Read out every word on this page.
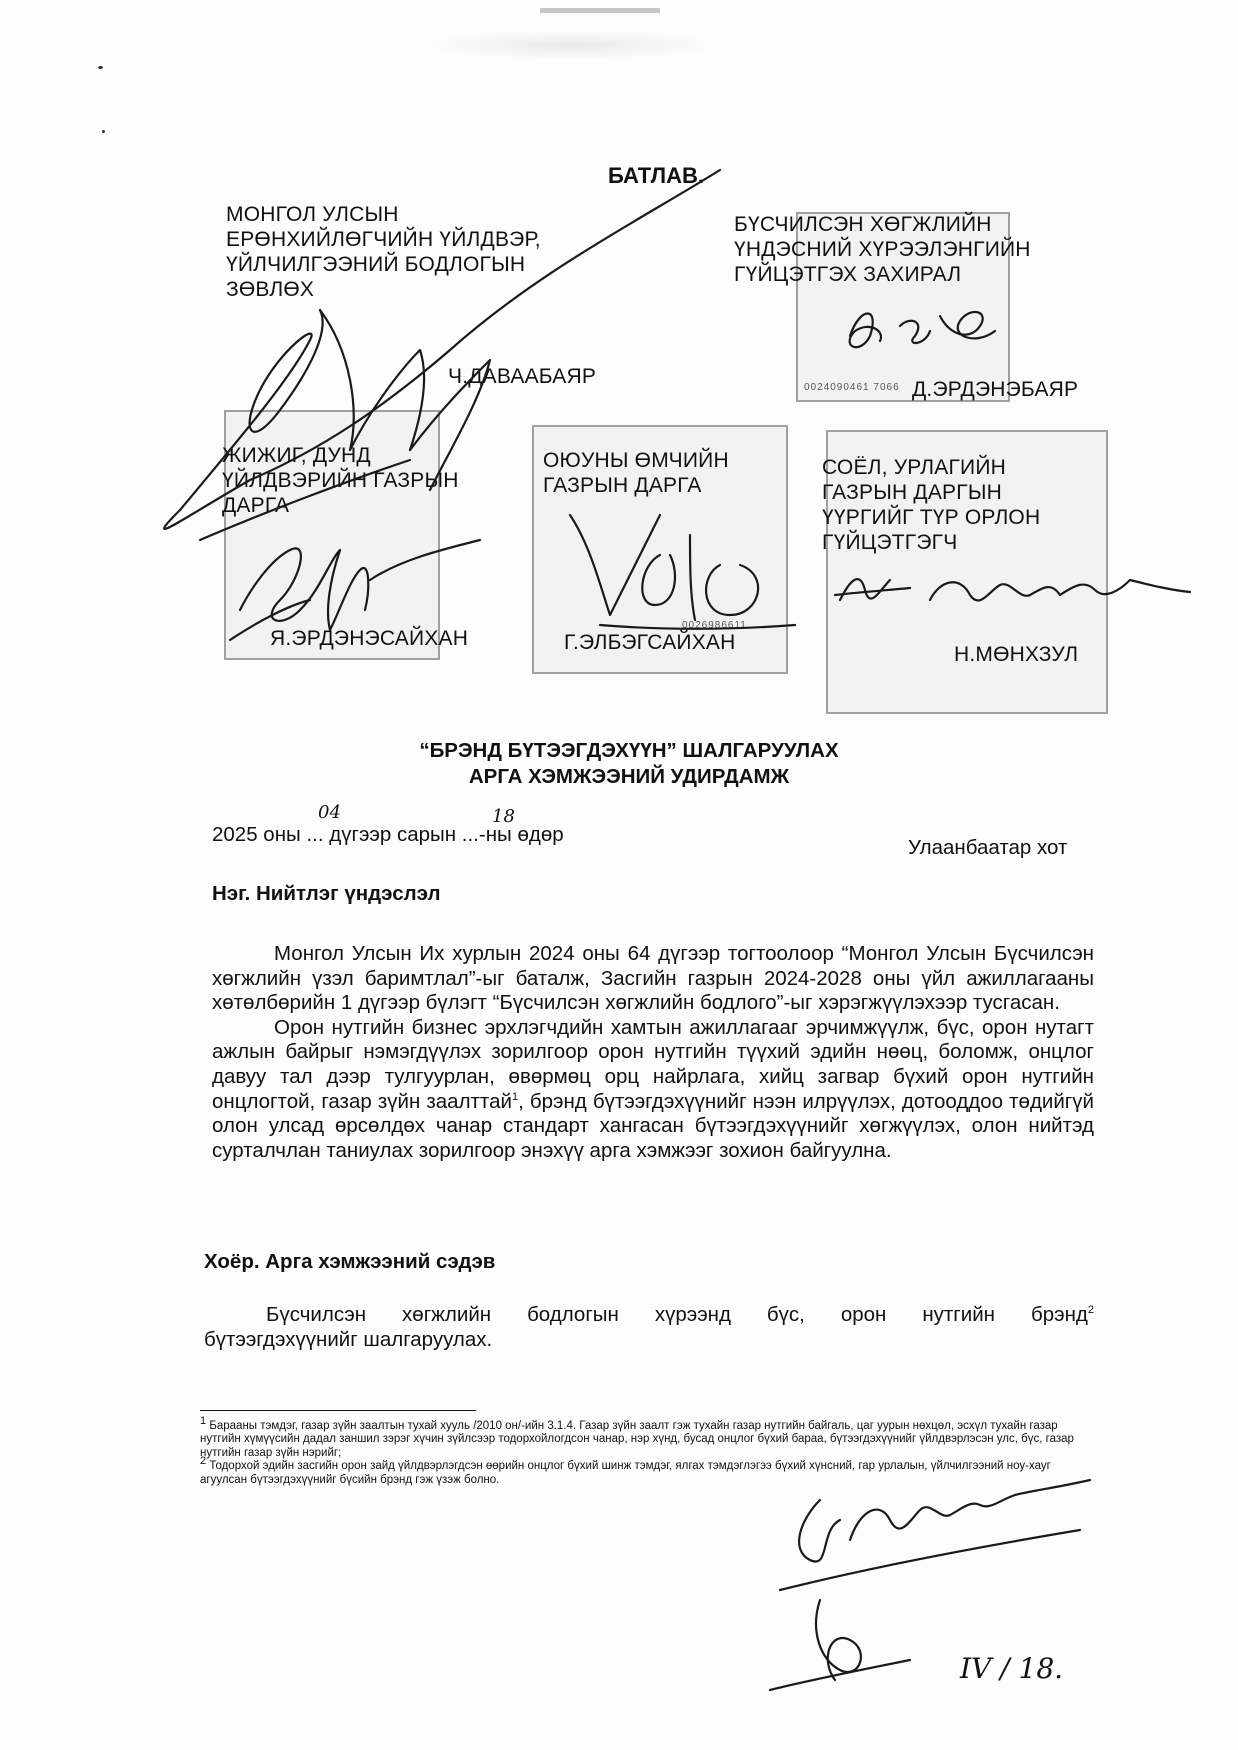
БАТЛАВ.
МОНГОЛ УЛСЫН
ЕРӨНХИЙЛӨГЧИЙН ҮЙЛДВЭР,
ҮЙЛЧИЛГЭЭНИЙ БОДЛОГЫН
ЗӨВЛӨХ
Ч.ДАВААБАЯР	0024090461 7066
БҮСЧИЛСЭН ХӨГЖЛИЙН
ҮНДЭСНИЙ ХҮРЭЭЛЭНГИЙН
ГҮЙЦЭТГЭХ ЗАХИРАЛ
Д.ЭРДЭНЭБАЯР
ЖИЖИГ, ДУНД
ҮЙЛДВЭРИЙН ГАЗРЫН
ДАРГА
Я.ЭРДЭНЭСАЙХАН
0026986611
ОЮУНЫ ӨМЧИЙН
ГАЗРЫН ДАРГА
Г.ЭЛБЭГСАЙХАН
СОЁЛ, УРЛАГИЙН
ГАЗРЫН ДАРГЫН
ҮҮРГИЙГ ТҮР ОРЛОН
ГҮЙЦЭТГЭГЧ
Н.МӨНХЗУЛ
“БРЭНД БҮТЭЭГДЭХҮҮН” ШАЛГАРУУЛАХ
АРГА ХЭМЖЭЭНИЙ УДИРДАМЖ
2025 оны ... дүгээр сарын ...-ны өдөр
04	18
Улаанбаатар хот
Нэг. Нийтлэг үндэслэл

Монгол Улсын Их хурлын 2024 оны 64 дүгээр тогтоолоор “Монгол Улсын Бүсчилсэн хөгжлийн үзэл баримтлал”-ыг баталж, Засгийн газрын 2024-2028 оны үйл ажиллагааны хөтөлбөрийн 1 дүгээр бүлэгт “Бүсчилсэн хөгжлийн бодлого”-ыг хэрэгжүүлэхээр тусгасан.

Орон нутгийн бизнес эрхлэгчдийн хамтын ажиллагааг эрчимжүүлж, бүс, орон нутагт ажлын байрыг нэмэгдүүлэх зорилгоор орон нутгийн түүхий эдийн нөөц, боломж, онцлог давуу тал дээр тулгуурлан, өвөрмөц орц найрлага, хийц загвар бүхий орон нутгийн онцлогтой, газар зүйн заалттай$^1$, брэнд бүтээгдэхүүнийг нээн илрүүлэх, дотооддоо төдийгүй олон улсад өрсөлдөх чанар стандарт хангасан бүтээгдэхүүнийг хөгжүүлэх, олон нийтэд сурталчлан таниулах зорилгоор энэхүү арга хэмжээг зохион байгуулна.

Хоёр. Арга хэмжээний сэдэв
Бүсчилсэн хөгжлийн бодлогын хүрээнд бүс, орон нутгийн брэнд$^2$
бүтээгдэхүүнийг шалгаруулах.
$^1$ Барааны тэмдэг, газар зүйн заалтын тухай хууль /2010 он/-ийн 3.1.4. Газар зүйн заалт гэж тухайн газар нутгийн байгаль, цаг уурын нөхцөл, эсхүл тухайн газар нутгийн хүмүүсийн дадал заншил зэрэг хүчин зүйлсээр тодорхойлогдсон чанар, нэр хүнд, бусад онцлог бүхий бараа, бүтээгдэхүүнийг үйлдвэрлэсэн улс, бүс, газар нутгийн газар зүйн нэрийг;
$^2$ Тодорхой эдийн засгийн орон зайд үйлдвэрлэгдсэн өөрийн онцлог бүхий шинж тэмдэг, ялгах тэмдэглэгээ бүхий хүнсний, гар урлалын, үйлчилгээний ноу-хауг агуулсан бүтээгдэхүүнийг бүсийн брэнд гэж үзэж болно.
IV / 18.
